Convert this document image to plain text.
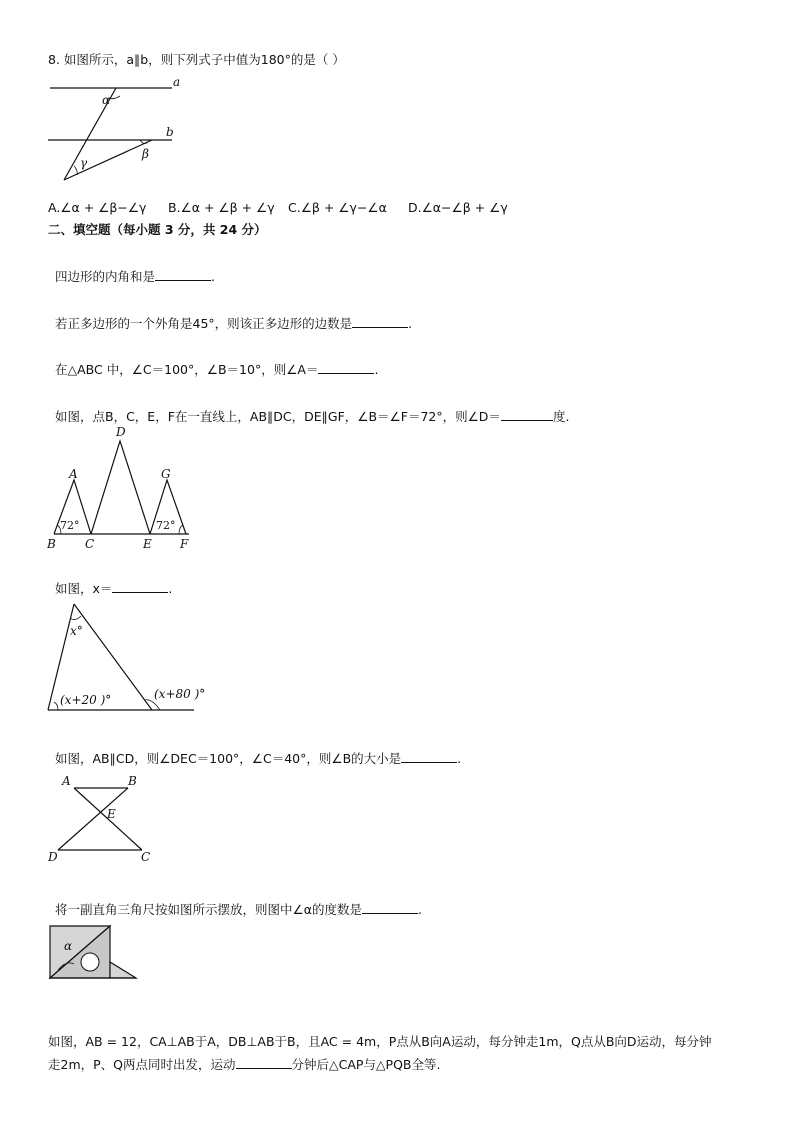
8. 如图所示，a∥b，则下列式子中值为180°的是（ ）
a
b
α
β
γ
A.∠α + ∠β−∠γ B.∠α + ∠β + ∠γ C.∠β + ∠γ−∠α D.∠α−∠β + ∠γ
二、填空题（每小题 3 分，共 24 分）
四边形的内角和是	.
若正多边形的一个外角是45°，则该正多边形的边数是	.
在△ABC 中，∠C＝100°，∠B＝10°，则∠A＝	.
如图，点B，C，E，F在一直线上，AB∥DC，DE∥GF，∠B＝∠F＝72°，则∠D＝	度.
A
D
G
B C	E F
72°	72°
如图，x＝	.
x°
(x+20 )°	(x+80 )°
如图，AB∥CD，则∠DEC＝100°，∠C＝40°，则∠B的大小是	.
A	B
E
D	C
将一副直角三角尺按如图所示摆放，则图中∠α的度数是	.
α
如图，AB = 12，CA⊥AB于A，DB⊥AB于B，且AC = 4m，P点从B向A运动，每分钟走1m，Q点从B向D运动，每分钟
走2m，P、Q两点同时出发，运动	分钟后△CAP与△PQB全等.
